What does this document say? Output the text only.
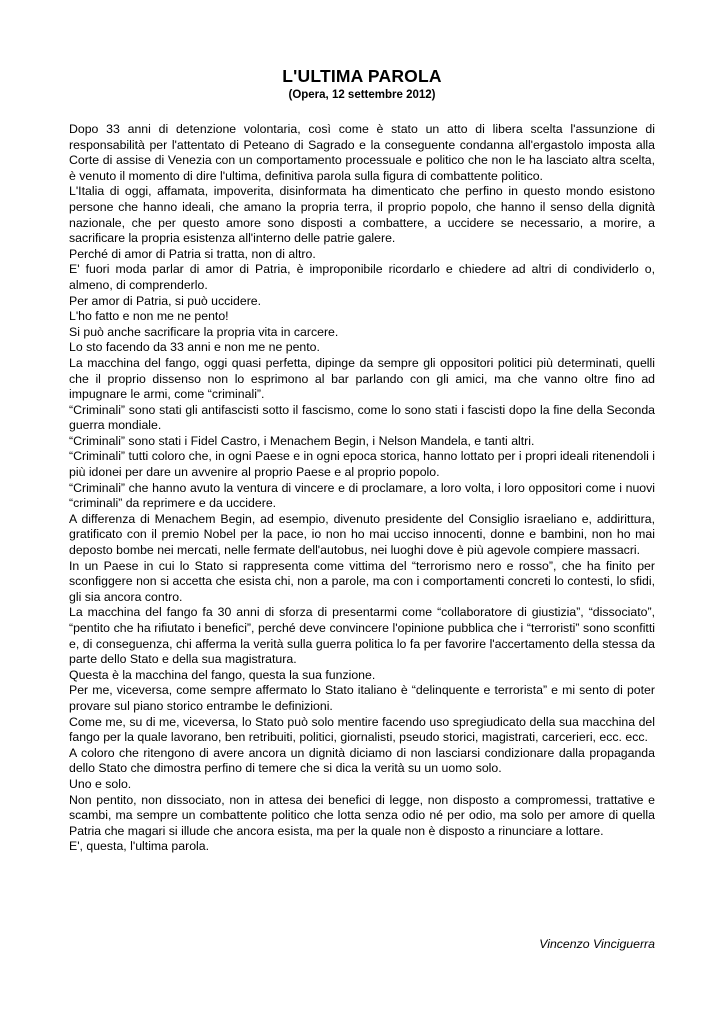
L'ULTIMA PAROLA
(Opera, 12 settembre 2012)

Dopo 33 anni di detenzione volontaria, così come è stato un atto di libera scelta l'assunzione di responsabilità per l'attentato di Peteano di Sagrado e la conseguente condanna all'ergastolo imposta alla Corte di assise di Venezia con un comportamento processuale e politico che non le ha lasciato altra scelta, è venuto il momento di dire l'ultima, definitiva parola sulla figura di combattente politico.

L'Italia di oggi, affamata, impoverita, disinformata ha dimenticato che perfino in questo mondo esistono persone che hanno ideali, che amano la propria terra, il proprio popolo, che hanno il senso della dignità nazionale, che per questo amore sono disposti a combattere, a uccidere se necessario, a morire, a sacrificare la propria esistenza all'interno delle patrie galere.

Perché di amor di Patria si tratta, non di altro.

E' fuori moda parlar di amor di Patria, è improponibile ricordarlo e chiedere ad altri di condividerlo o, almeno, di comprenderlo.

Per amor di Patria, si può uccidere.

L'ho fatto e non me ne pento!

Si può anche sacrificare la propria vita in carcere.

Lo sto facendo da 33 anni e non me ne pento.

La macchina del fango, oggi quasi perfetta, dipinge da sempre gli oppositori politici più determinati, quelli che il proprio dissenso non lo esprimono al bar parlando con gli amici, ma che vanno oltre fino ad impugnare le armi, come “criminali”.

“Criminali” sono stati gli antifascisti sotto il fascismo, come lo sono stati i fascisti dopo la fine della Seconda guerra mondiale.

“Criminali” sono stati i Fidel Castro, i Menachem Begin, i Nelson Mandela, e tanti altri.

“Criminali” tutti coloro che, in ogni Paese e in ogni epoca storica, hanno lottato per i propri ideali ritenendoli i più idonei per dare un avvenire al proprio Paese e al proprio popolo.

“Criminali” che hanno avuto la ventura di vincere e di proclamare, a loro volta, i loro oppositori come i nuovi “criminali” da reprimere e da uccidere.

A differenza di Menachem Begin, ad esempio, divenuto presidente del Consiglio israeliano e, addirittura, gratificato con il premio Nobel per la pace, io non ho mai ucciso innocenti, donne e bambini, non ho mai deposto bombe nei mercati, nelle fermate dell'autobus, nei luoghi dove è più agevole compiere massacri.

In un Paese in cui lo Stato si rappresenta come vittima del “terrorismo nero e rosso”, che ha finito per sconfiggere non si accetta che esista chi, non a parole, ma con i comportamenti concreti lo contesti, lo sfidi, gli sia ancora contro.

La macchina del fango fa 30 anni di sforza di presentarmi come “collaboratore di giustizia”, “dissociato”, “pentito che ha rifiutato i benefici”, perché deve convincere l'opinione pubblica che i “terroristi” sono sconfitti e, di conseguenza, chi afferma la verità sulla guerra politica lo fa per favorire l'accertamento della stessa da parte dello Stato e della sua magistratura.

Questa è la macchina del fango, questa la sua funzione.

Per me, viceversa, come sempre affermato lo Stato italiano è “delinquente e terrorista” e mi sento di poter provare sul piano storico entrambe le definizioni.

Come me, su di me, viceversa, lo Stato può solo mentire facendo uso spregiudicato della sua macchina del fango per la quale lavorano, ben retribuiti, politici, giornalisti, pseudo storici, magistrati, carcerieri, ecc. ecc.

A coloro che ritengono di avere ancora un dignità diciamo di non lasciarsi condizionare dalla propaganda dello Stato che dimostra perfino di temere che si dica la verità su un uomo solo.

Uno e solo.

Non pentito, non dissociato, non in attesa dei benefici di legge, non disposto a compromessi, trattative e scambi, ma sempre un combattente politico che lotta senza odio né per odio, ma solo per amore di quella Patria che magari si illude che ancora esista, ma per la quale non è disposto a rinunciare a lottare.

E', questa, l'ultima parola.

Vincenzo Vinciguerra
